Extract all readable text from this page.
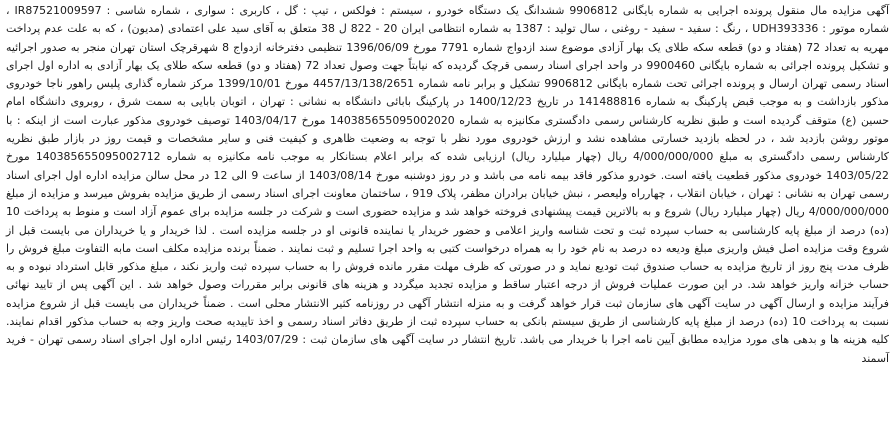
آگهی مزایده مال منقول پرونده اجرایی به شماره بایگانی 9906812 ششدانگ یک دستگاه خودرو ، سیستم : فولکس ، تیپ : گل ، کاربری : سواری ، شماره شاسی : IR87521009597 ، شماره موتور : UDH393336 ، رنگ : سفید - سفید - روغنی ، سال تولید : 1387 به شماره انتظامی ایران 20 - 822 ل 38 متعلق به آقای سید علی اعتمادی (مدیون) ، که به علت عدم پرداخت مهریه به تعداد 72 (هفتاد و دو) قطعه سکه طلای یک بهار آزادی موضوع سند ازدواج شماره 7791 مورخ 1396/06/09 تنظیمی دفترخانه ازدواج 8 شهرقرچک استان تهران منجر به صدور اجرائیه و تشکیل پرونده اجرائی به شماره بایگانی 9900460 در واحد اجرای اسناد رسمی قرچک گردیده که نیابتاً جهت وصول تعداد 72 (هفتاد و دو) قطعه سکه طلای یک بهار آزادی به اداره اول اجرای اسناد رسمی تهران ارسال و پرونده اجرائی تحت شماره بایگانی 9906812 تشکیل و برابر نامه شماره 4457/13/138/2651 مورخ 1399/10/01 مرکز شماره گذاری پلیس راهور ناجا خودروی مذکور بازداشت و به موجب قبض پارکینگ به شماره 141488816 در تاریخ 1400/12/23 در پارکینگ بابائی دانشگاه به نشانی : تهران ، اتوبان بابایی به سمت شرق ، روبروی دانشگاه امام حسین (ع) متوقف گردیده است و طبق نظریه کارشناس رسمی دادگستری مکانیزه به شماره 140385655095002020 مورخ 1403/04/17 توصیف خودروی مذکور عبارت است از اینکه : با موتور روشن بازدید شد ، در لحظه بازدید خسارتی مشاهده نشد و ارزش خودروی مورد نظر با توجه به وضعیت ظاهری و کیفیت فنی و سایر مشخصات و قیمت روز در بازار طبق نظریه کارشناس رسمی دادگستری به مبلغ 4/000/000/000 ریال (چهار میلیارد ریال) ارزیابی شده که برابر اعلام بستانکار به موجب نامه مکانیزه به شماره 140385655095002712 مورخ 1403/05/22 خودروی مذکور قطعیت یافته است. خودرو مذکور فاقد بیمه نامه می باشد و در روز دوشنبه مورخ 1403/08/14 از ساعت 9 الی 12 در محل سالن مزایده اداره اول اجرای اسناد رسمی تهران به نشانی : تهران ، خیابان انقلاب ، چهارراه ولیعصر ، نبش خیابان برادران مظفر، پلاک 919 ، ساختمان معاونت اجرای اسناد رسمی از طریق مزایده بفروش میرسد و مزایده از مبلغ 4/000/000/000 ریال (چهار میلیارد ریال) شروع و به بالاترین قیمت پیشنهادی فروخته خواهد شد و مزایده حضوری است و شرکت در جلسه مزایده برای عموم آزاد است و منوط به پرداخت 10 (ده) درصد از مبلغ پایه کارشناسی به حساب سپرده ثبت و تحت شناسه واریز اعلامی و حضور خریدار یا نماینده قانونی او در جلسه مزایده است . لذا خریدار و یا خریداران می بایست قبل از شروع وقت مزایده اصل فیش واریزی مبلغ ودیعه ده درصد به نام خود را به همراه درخواست کتبی به واحد اجرا تسلیم و ثبت نمایند . ضمناً برنده مزایده مکلف است مابه التفاوت مبلغ فروش را ظرف مدت پنج روز از تاریخ مزایده به حساب صندوق ثبت تودیع نماید و در صورتی که ظرف مهلت مقرر مانده فروش را به حساب سپرده ثبت واریز نکند ، مبلغ مذکور قابل استرداد نبوده و به حساب خزانه واریز خواهد شد. در این صورت عملیات فروش از درجه اعتبار ساقط و مزایده تجدید میگردد و هزینه های قانونی برابر مقررات وصول خواهد شد . این آگهی پس از تایید نهائی فرآیند مزایده و ارسال آگهی در سایت آگهی های سازمان ثبت قرار خواهد گرفت و به منزله انتشار آگهی در روزنامه کثیر الانتشار محلی است . ضمناً خریداران می بایست قبل از شروع مزایده نسبت به پرداخت 10 (ده) درصد از مبلغ پایه کارشناسی از طریق سیستم بانکی به حساب سپرده ثبت از طریق دفاتر اسناد رسمی و اخذ تاییدیه صحت واریز وجه به حساب مذکور اقدام نمایند. کلیه هزینه ها و بدهی های مورد مزایده مطابق آیین نامه اجرا با خریدار می باشد. تاریخ انتشار در سایت آگهی های سازمان ثبت : 1403/07/29 رئیس اداره اول اجرای اسناد رسمی تهران - فرید آسمند
